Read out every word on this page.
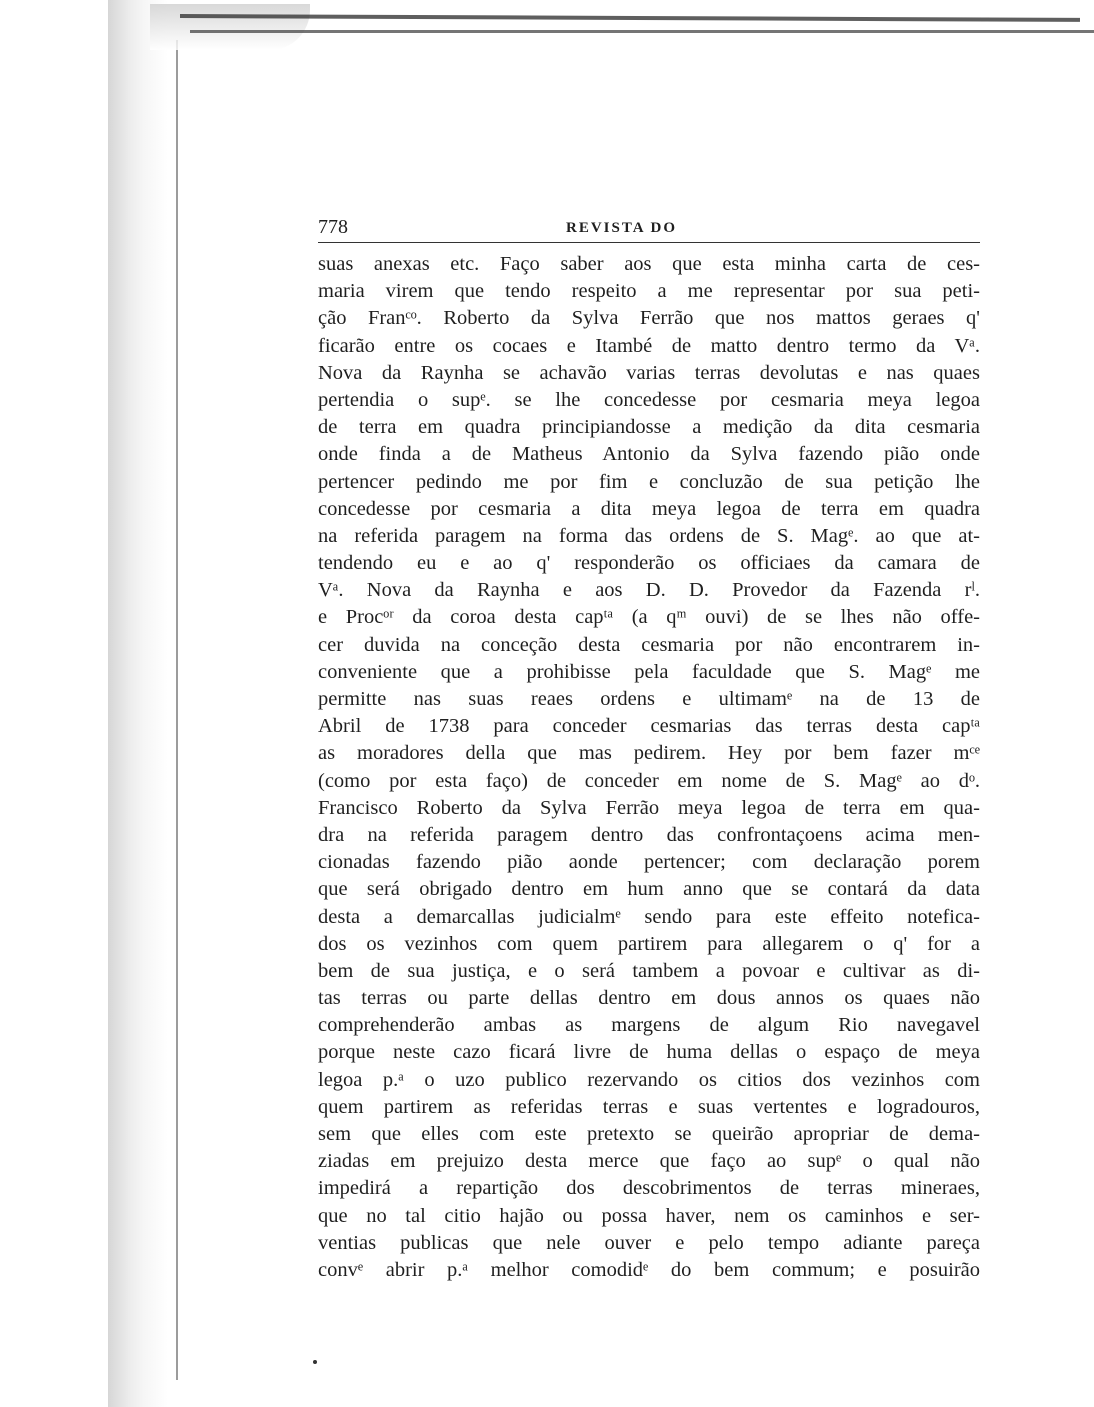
778	REVISTA DO
suas anexas etc. Faço saber aos que esta minha carta de ces-
maria virem que tendo respeito a me representar por sua peti-
ção Franᶜᵒ. Roberto da Sylva Ferrão que nos mattos geraes q'
ficarão entre os cocaes e Itambé de matto dentro termo da Vᵃ.
Nova da Raynha se achavão varias terras devolutas e nas quaes
pertendia o supᵉ. se lhe concedesse por cesmaria meya legoa
de terra em quadra principiandosse a medição da dita cesmaria
onde finda a de Matheus Antonio da Sylva fazendo pião onde
pertencer pedindo me por fim e concluzão de sua petição lhe
concedesse por cesmaria a dita meya legoa de terra em quadra
na referida paragem na forma das ordens de S. Magᵉ. ao que at-
tendendo eu e ao q' responderão os officiaes da camara de
Vᵃ. Nova da Raynha e aos D. D. Provedor da Fazenda rˡ.
e Procᵒʳ da coroa desta capᵗᵃ (a qᵐ ouvi) de se lhes não offe-
cer duvida na conceção desta cesmaria por não encontrarem in-
conveniente que a prohibisse pela faculdade que S. Magᵉ me
permitte nas suas reaes ordens e ultimamᵉ na de 13 de
Abril de 1738 para conceder cesmarias das terras desta capᵗᵃ
as moradores della que mas pedirem. Hey por bem fazer mᶜᵉ
(como por esta faço) de conceder em nome de S. Magᵉ ao dᵒ.
Francisco Roberto da Sylva Ferrão meya legoa de terra em qua-
dra na referida paragem dentro das confrontaçoens acima men-
cionadas fazendo pião aonde pertencer; com declaração porem
que será obrigado dentro em hum anno que se contará da data
desta a demarcallas judicialmᵉ sendo para este effeito notefica-
dos os vezinhos com quem partirem para allegarem o q' for a
bem de sua justiça, e o será tambem a povoar e cultivar as di-
tas terras ou parte dellas dentro em dous annos os quaes não
comprehenderão ambas as margens de algum Rio navegavel
porque neste cazo ficará livre de huma dellas o espaço de meya
legoa p.ᵃ o uzo publico rezervando os citios dos vezinhos com
quem partirem as referidas terras e suas vertentes e logradouros,
sem que elles com este pretexto se queirão apropriar de dema-
ziadas em prejuizo desta merce que faço ao supᵉ o qual não
impedirá a repartição dos descobrimentos de terras mineraes,
que no tal citio hajão ou possa haver, nem os caminhos e ser-
ventias publicas que nele ouver e pelo tempo adiante pareça
convᵉ abrir p.ᵃ melhor comodidᵉ do bem commum; e posuirão
